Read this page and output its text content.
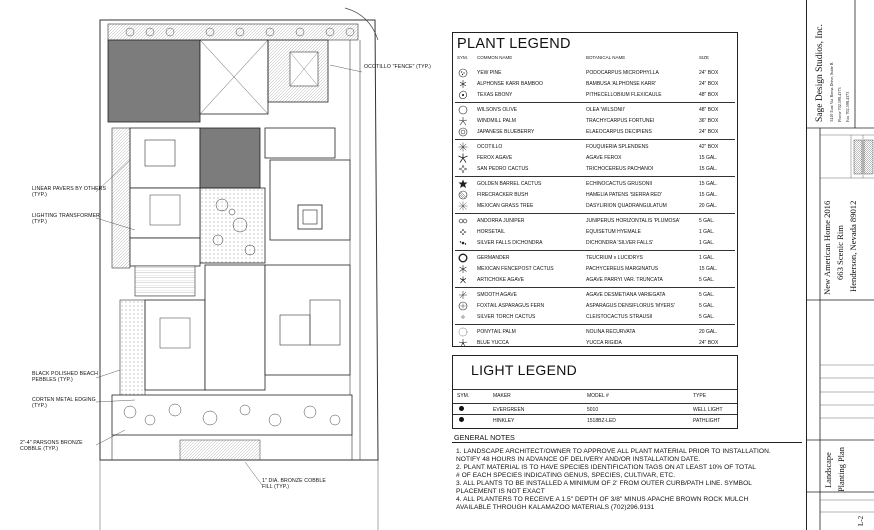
OCOTILLO "FENCE" (TYP.)
LINEAR PAVERS BY OTHERS
(TYP.)
LIGHTING TRANSFORMER
(TYP.)
BLACK POLISHED BEACH
PEBBLES (TYP.)
CORTEN METAL EDGING
(TYP.)
2"-4" PARSONS BRONZE
COBBLE (TYP.)
1" DIA. BRONZE COBBLE
FILL (TYP.)
PLANT LEGEND
SYM. COMMON NAME	BOTANICAL NAME	SIZE
YEW PINE	PODOCARPUS MICROPHYLLA	24" BOX
ALPHONSE KARR BAMBOO	BAMBUSA 'ALPHONSE KARR'	24" BOX
TEXAS EBONY	PITHECELLOBIUM FLEXICAULE	48" BOX
WILSON'S OLIVE	OLEA 'WILSONII'	48" BOX
WINDMILL PALM	TRACHYCARPUS FORTUNEI	36" BOX
JAPANESE BLUEBERRY	ELAEOCARPUS DECIPIENS	24" BOX
OCOTILLO	FOUQUIERIA SPLENDENS	42" BOX
FEROX AGAVE	AGAVE FEROX	15 GAL.
SAN PEDRO CACTUS	TRICHOCEREUS PACHANOI	15 GAL.
GOLDEN BARREL CACTUS	ECHINOCACTUS GRUSONII	15 GAL.
FIRECRACKER BUSH	HAMELIA PATENS 'SIERRA RED'	15 GAL.
MEXICAN GRASS TREE	DASYLIRION QUADRANGULATUM	20 GAL.
ANDORRA JUNIPER	JUNIPERUS HORIZONTALIS 'PLUMOSA'	5 GAL.
HORSETAIL	EQUISETUM HYEMALE	1 GAL.
SILVER FALLS DICHONDRA	DICHONDRA 'SILVER FALLS'	1 GAL.
GERMANDER	TEUCRIUM x LUCIDRYS	1 GAL.
MEXICAN FENCEPOST CACTUS	PACHYCEREUS MARGINATUS	15 GAL.
ARTICHOKE AGAVE	AGAVE PARRYI VAR. TRUNCATA	5 GAL.
SMOOTH AGAVE	AGAVE DESMETIANA VARIEGATA	5 GAL.
FOXTAIL ASPARAGUS FERN	ASPARAGUS DENSIFLORUS 'MYERS'	5 GAL.
SILVER TORCH CACTUS	CLEISTOCACTUS STRAUSII	5 GAL.
PONYTAIL PALM	NOLINA RECURVATA	20 GAL.
BLUE YUCCA	YUCCA RIGIDA	24" BOX
LIGHT LEGEND
SYM.	MAKER	MODEL #	TYPE
EVERGREEN	5010	WELL LIGHT
HINKLEY	1518BZ-LED	PATHLIGHT
GENERAL NOTES
1. LANDSCAPE ARCHITECT/OWNER TO APPROVE ALL PLANT MATERIAL PRIOR TO INSTALLATION.
NOTIFY 48 HOURS IN ADVANCE OF DELIVERY AND/OR INSTALLATION DATE.
2. PLANT MATERIAL IS TO HAVE SPECIES IDENTIFICATION TAGS ON AT LEAST 10% OF TOTAL
# OF EACH SPECIES INDICATING GENUS, SPECIES, CULTIVAR, ETC.
3. ALL PLANTS TO BE INSTALLED A MINIMUM OF 2' FROM OUTER CURB/PATH LINE. SYMBOL
PLACEMENT IS NOT EXACT
4. ALL PLANTERS TO RECEIVE A 1.5" DEPTH OF 3/8" MINUS APACHE BROWN ROCK MULCH
AVAILABLE THROUGH KALAMAZOO MATERIALS (702)296.9131
Sage Design Studios, Inc. 3410 East Via Roma Drive, Suite B Phone 702.598.4373 Fax 702.598.4373
New American Home 2016 663 Scenic Rim Henderson, Nevada 89012
Landscape Planting Plan
L-2
